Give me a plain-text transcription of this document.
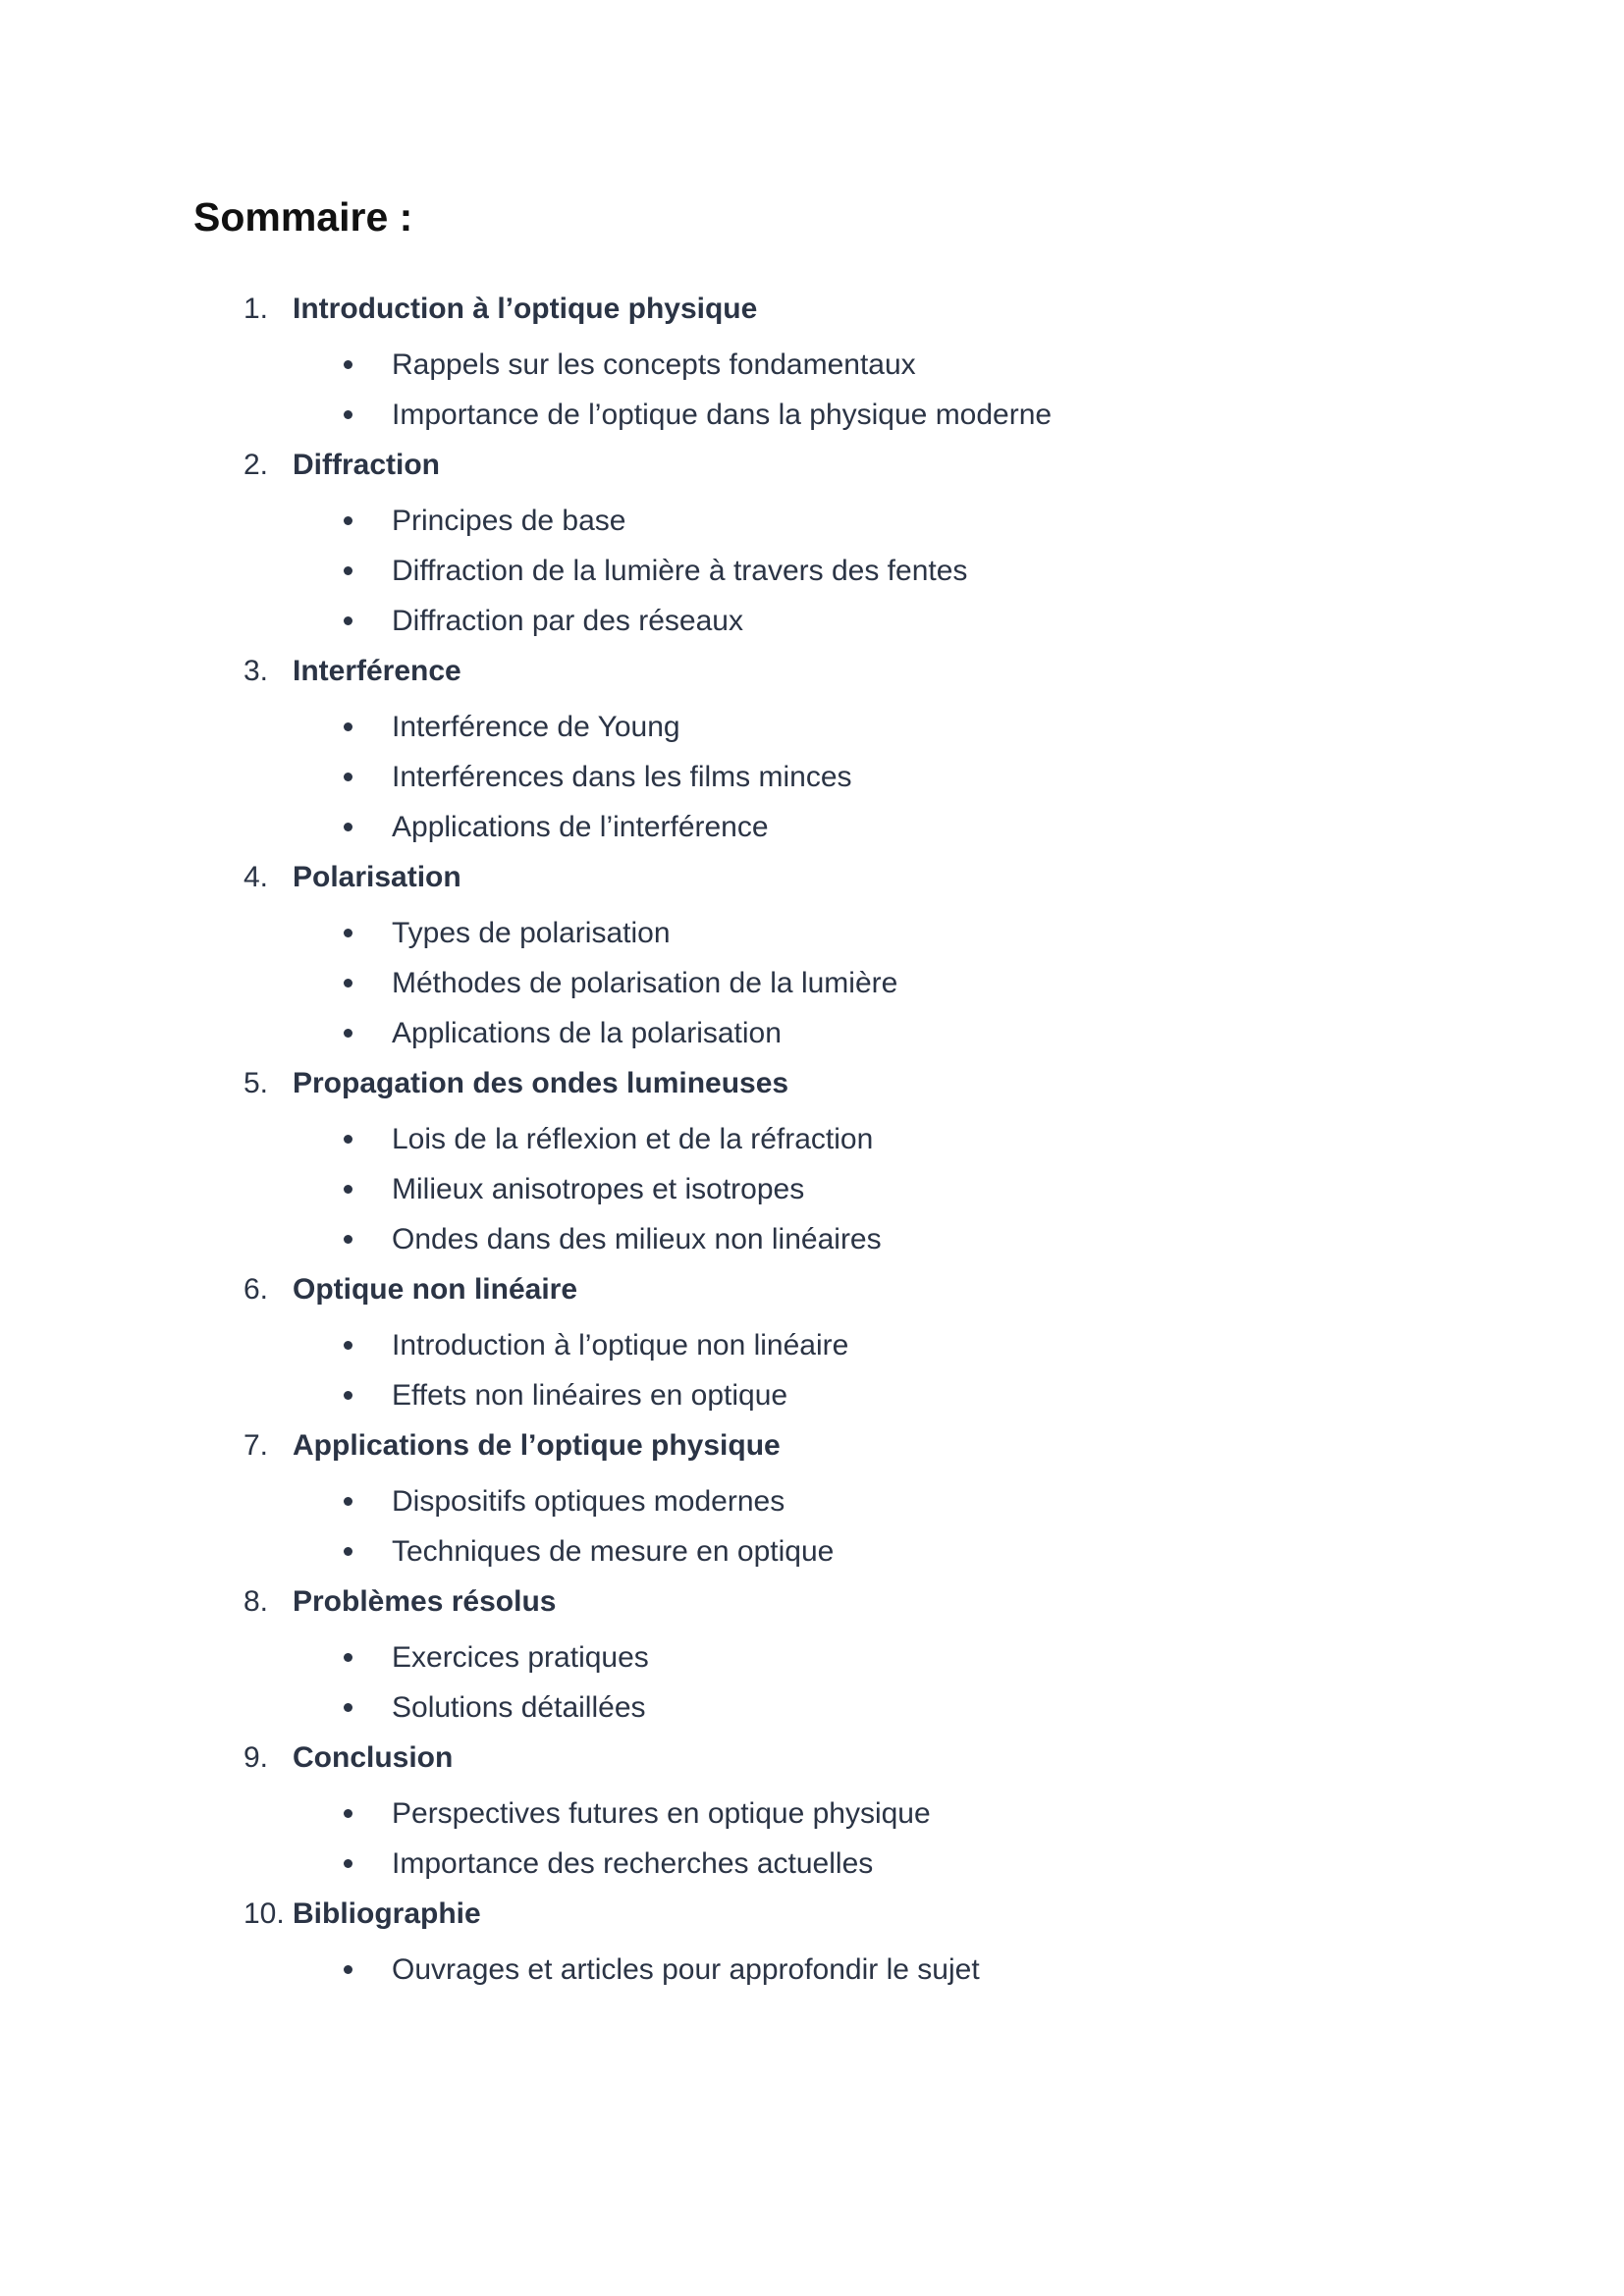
Sommaire :
1. Introduction à l’optique physique
Rappels sur les concepts fondamentaux
Importance de l’optique dans la physique moderne
2. Diffraction
Principes de base
Diffraction de la lumière à travers des fentes
Diffraction par des réseaux
3. Interférence
Interférence de Young
Interférences dans les films minces
Applications de l’interférence
4. Polarisation
Types de polarisation
Méthodes de polarisation de la lumière
Applications de la polarisation
5. Propagation des ondes lumineuses
Lois de la réflexion et de la réfraction
Milieux anisotropes et isotropes
Ondes dans des milieux non linéaires
6. Optique non linéaire
Introduction à l’optique non linéaire
Effets non linéaires en optique
7. Applications de l’optique physique
Dispositifs optiques modernes
Techniques de mesure en optique
8. Problèmes résolus
Exercices pratiques
Solutions détaillées
9. Conclusion
Perspectives futures en optique physique
Importance des recherches actuelles
10. Bibliographie
Ouvrages et articles pour approfondir le sujet
